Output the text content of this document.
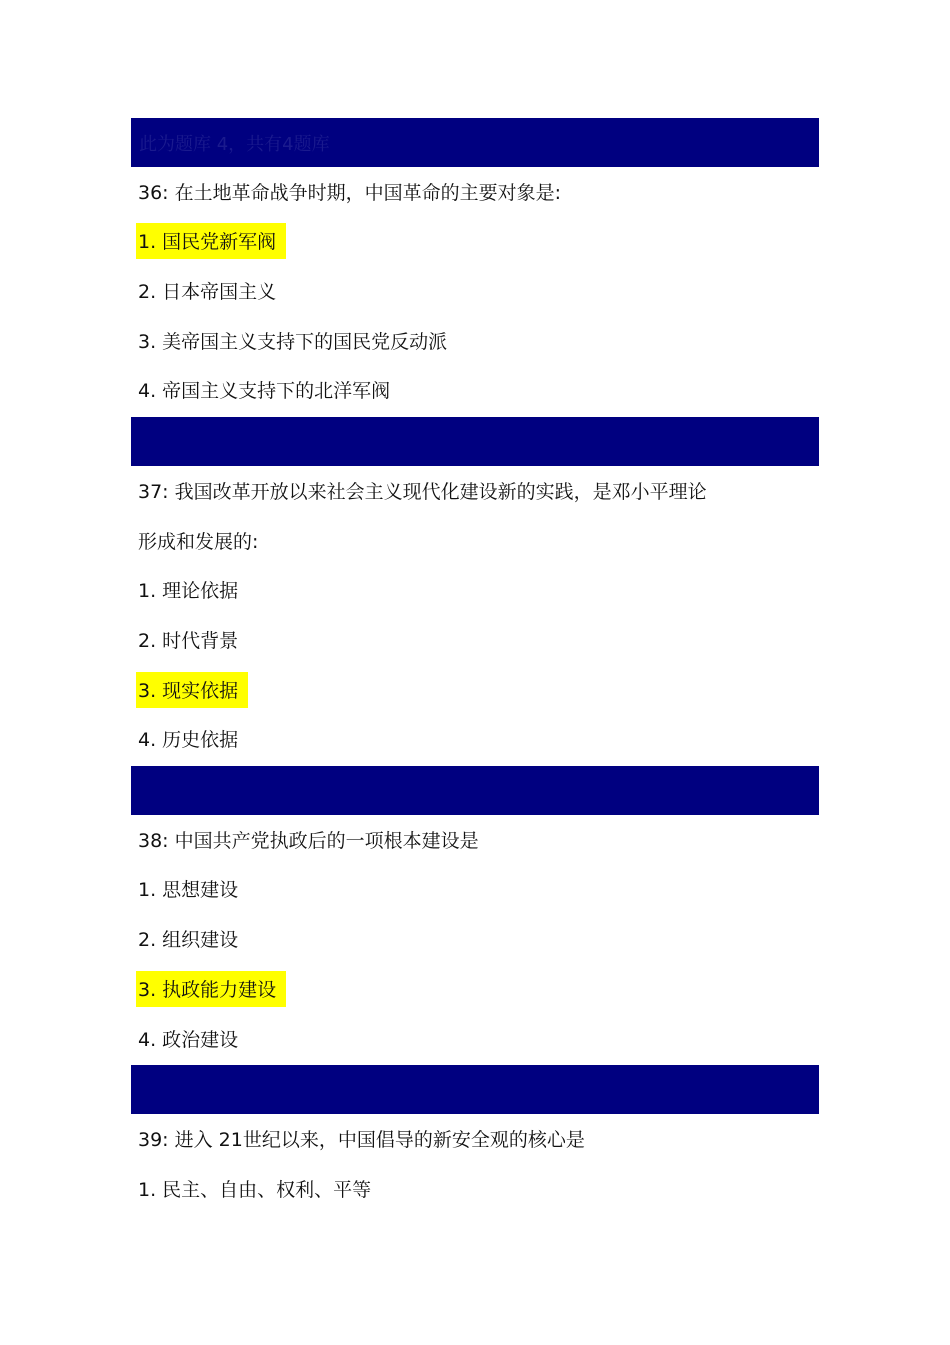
此为题库 4，共有4题库
36: 在土地革命战争时期，中国革命的主要对象是:
1. 国民党新军阀
2. 日本帝国主义
3. 美帝国主义支持下的国民党反动派
4. 帝国主义支持下的北洋军阀
37: 我国改革开放以来社会主义现代化建设新的实践，是邓小平理论
形成和发展的:
1. 理论依据
2. 时代背景
3. 现实依据
4. 历史依据
38: 中国共产党执政后的一项根本建设是
1. 思想建设
2. 组织建设
3. 执政能力建设
4. 政治建设
39: 进入 21世纪以来，中国倡导的新安全观的核心是
1. 民主、自由、权利、平等
